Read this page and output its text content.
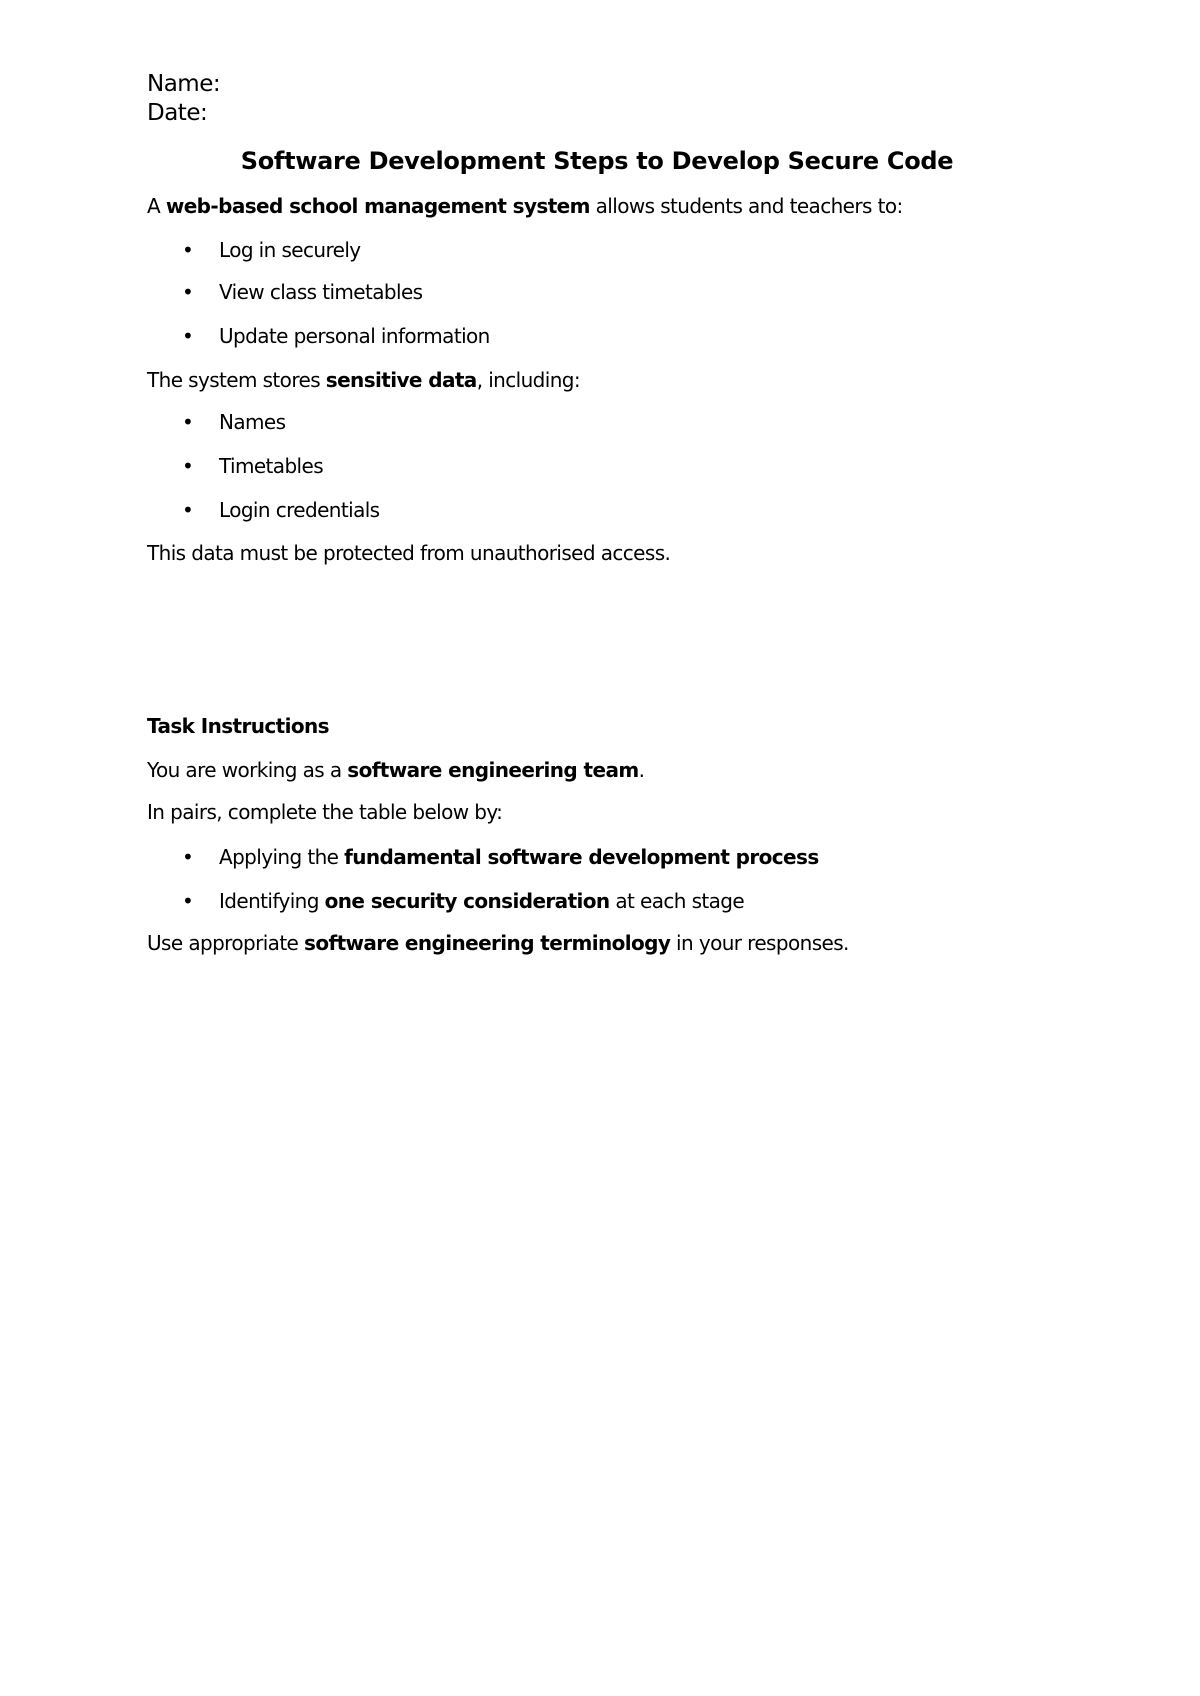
Name:
Date:
Software Development Steps to Develop Secure Code
A web-based school management system allows students and teachers to:
• Log in securely
• View class timetables
• Update personal information
The system stores sensitive data, including:
• Names
• Timetables
• Login credentials
This data must be protected from unauthorised access.
Task Instructions
You are working as a software engineering team.
In pairs, complete the table below by:
• Applying the fundamental software development process
• Identifying one security consideration at each stage
Use appropriate software engineering terminology in your responses.
